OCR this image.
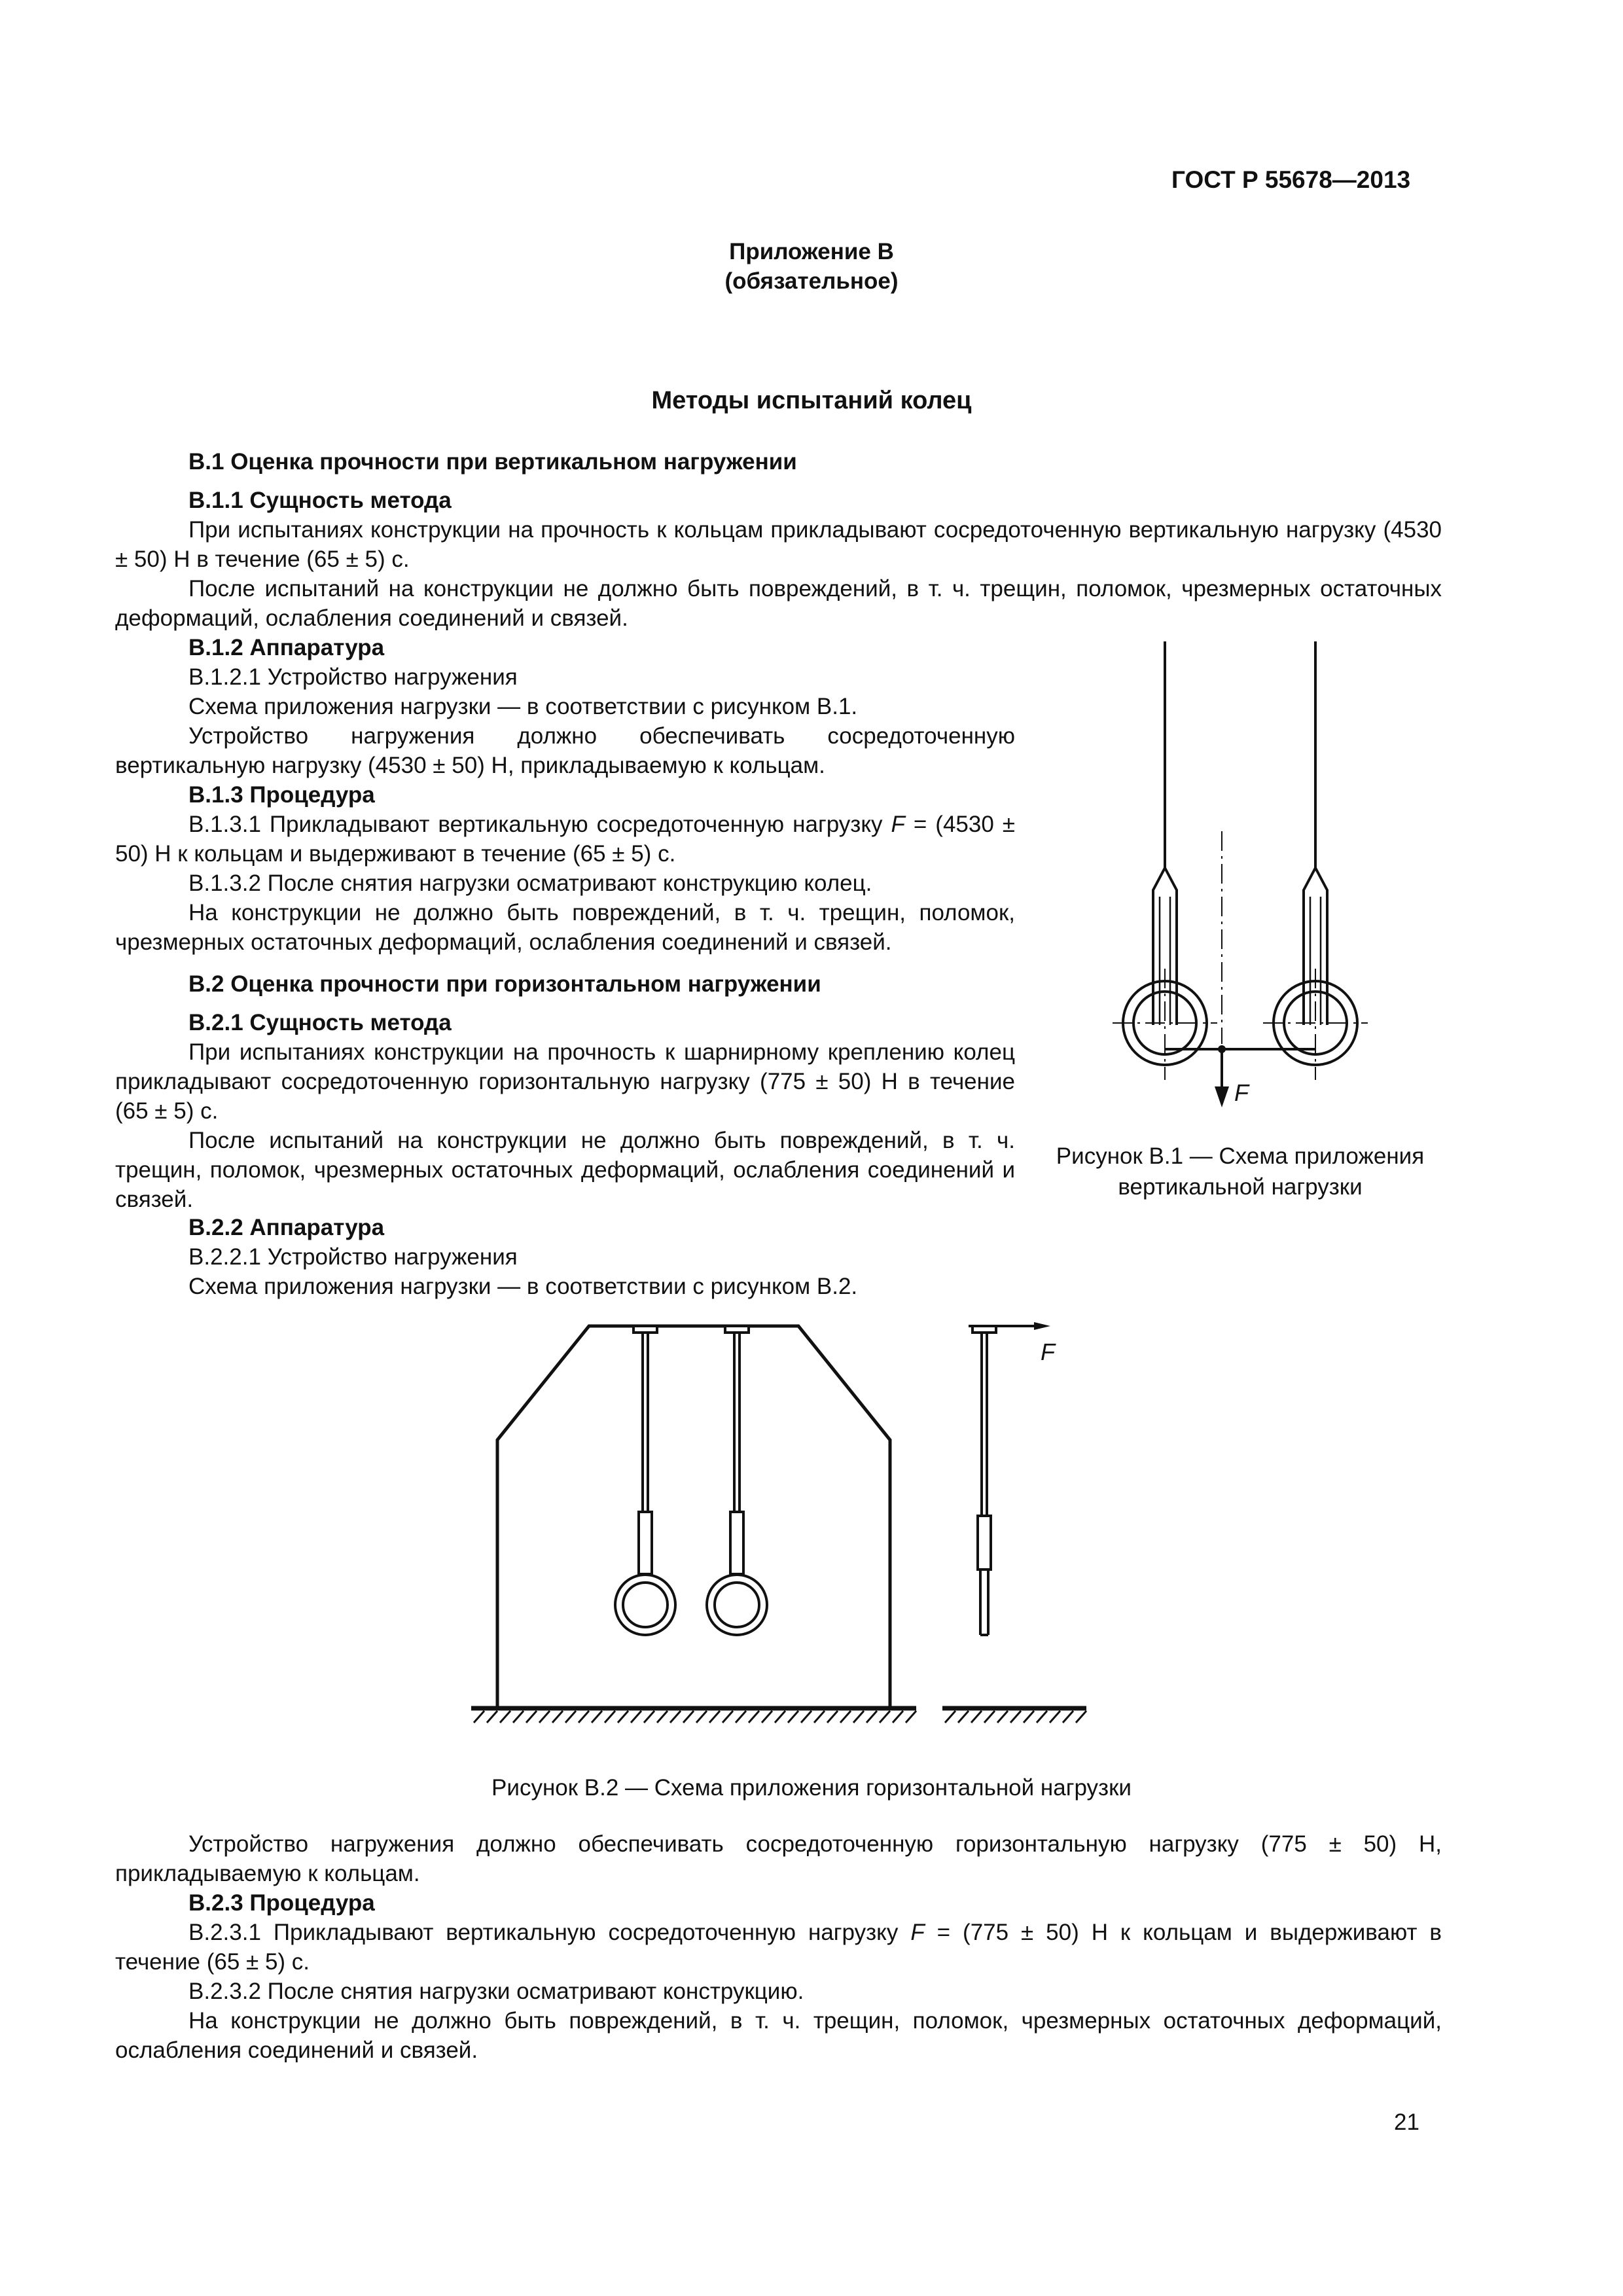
ГОСТ Р 55678—2013
Приложение В
(обязательное)
Методы испытаний колец
В.1 Оценка прочности при вертикальном нагружении
В.1.1 Сущность метода

При испытаниях конструкции на прочность к кольцам прикладывают сосредоточенную вертикальную нагрузку (4530 ± 50) Н в течение (65 ± 5) с.

После испытаний на конструкции не должно быть повреждений, в т. ч. трещин, поломок, чрезмерных остаточных деформаций, ослабления соединений и связей.

В.1.2 Аппаратура

В.1.2.1 Устройство нагружения

Схема приложения нагрузки — в соответствии с рисунком В.1.

Устройство нагружения должно обеспечивать сосредоточенную вертикальную нагрузку (4530 ± 50) Н, прикладываемую к кольцам.

В.1.3 Процедура

В.1.3.1 Прикладывают вертикальную сосредоточенную нагрузку F = (4530 ± 50) Н к кольцам и выдерживают в течение (65 ± 5) с.

В.1.3.2 После снятия нагрузки осматривают конструкцию колец.

На конструкции не должно быть повреждений, в т. ч. трещин, поломок, чрезмерных остаточных деформаций, ослабления соединений и связей.

В.2 Оценка прочности при горизонтальном нагружении
В.2.1 Сущность метода

При испытаниях конструкции на прочность к шарнирному креплению колец прикладывают сосредоточенную горизонтальную нагрузку (775 ± 50) Н в течение (65 ± 5) с.

После испытаний на конструкции не должно быть повреждений, в т. ч. трещин, поломок, чрезмерных остаточных деформаций, ослабления соединений и связей.

В.2.2 Аппаратура

В.2.2.1 Устройство нагружения

Схема приложения нагрузки — в соответствии с рисунком В.2.

F
Рисунок В.1 — Схема приложения
вертикальной нагрузки
F
Рисунок В.2 — Схема приложения горизонтальной нагрузки

Устройство нагружения должно обеспечивать сосредоточенную горизонтальную нагрузку (775 ± 50) Н, прикладываемую к кольцам.

В.2.3 Процедура

В.2.3.1 Прикладывают вертикальную сосредоточенную нагрузку F = (775 ± 50) Н к кольцам и выдерживают в течение (65 ± 5) с.

В.2.3.2 После снятия нагрузки осматривают конструкцию.

На конструкции не должно быть повреждений, в т. ч. трещин, поломок, чрезмерных остаточных деформаций, ослабления соединений и связей.

21
